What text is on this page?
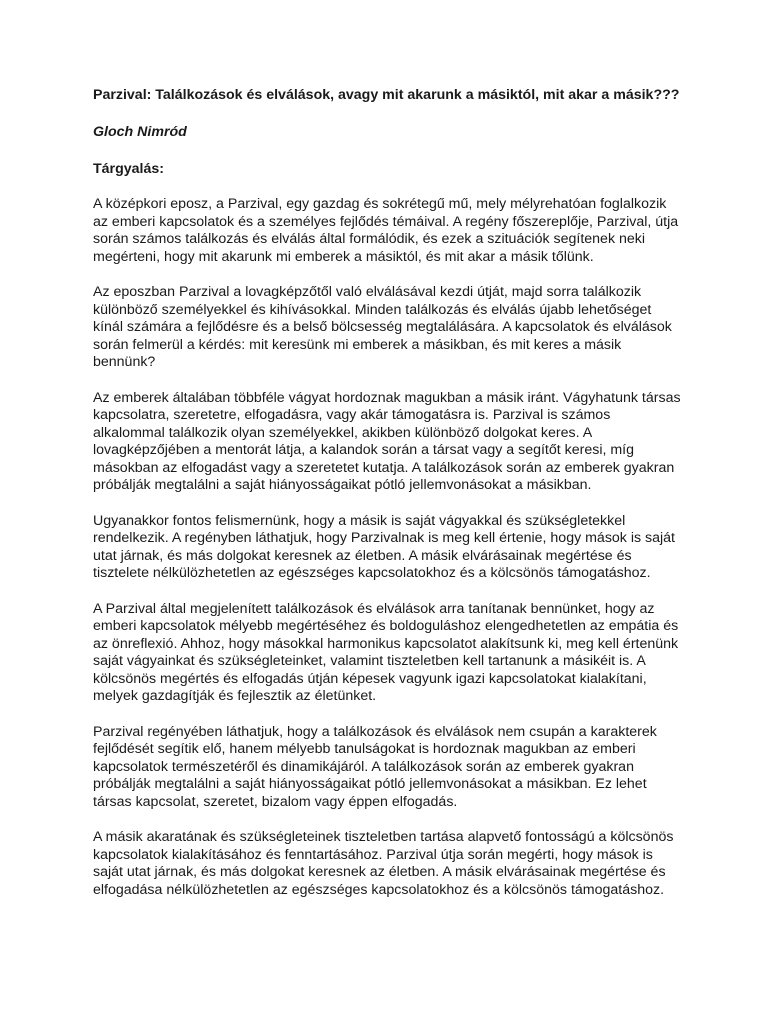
Parzival: Találkozások és elválások, avagy mit akarunk a másiktól, mit akar a másik???

Gloch Nimród

Tárgyalás:

A középkori eposz, a Parzival, egy gazdag és sokrétegű mű, mely mélyrehatóan foglalkozik az emberi kapcsolatok és a személyes fejlődés témáival. A regény főszereplője, Parzival, útja során számos találkozás és elválás által formálódik, és ezek a szituációk segítenek neki megérteni, hogy mit akarunk mi emberek a másiktól, és mit akar a másik tőlünk.

Az eposzban Parzival a lovagképzőtől való elválásával kezdi útját, majd sorra találkozik különböző személyekkel és kihívásokkal. Minden találkozás és elválás újabb lehetőséget kínál számára a fejlődésre és a belső bölcsesség megtalálására. A kapcsolatok és elválások során felmerül a kérdés: mit keresünk mi emberek a másikban, és mit keres a másik bennünk?

Az emberek általában többféle vágyat hordoznak magukban a másik iránt. Vágyhatunk társas kapcsolatra, szeretetre, elfogadásra, vagy akár támogatásra is. Parzival is számos alkalommal találkozik olyan személyekkel, akikben különböző dolgokat keres. A lovagképzőjében a mentorát látja, a kalandok során a társat vagy a segítőt keresi, míg másokban az elfogadást vagy a szeretetet kutatja. A találkozások során az emberek gyakran próbálják megtalálni a saját hiányosságaikat pótló jellemvonásokat a másikban.

Ugyanakkor fontos felismernünk, hogy a másik is saját vágyakkal és szükségletekkel rendelkezik. A regényben láthatjuk, hogy Parzivalnak is meg kell értenie, hogy mások is saját utat járnak, és más dolgokat keresnek az életben. A másik elvárásainak megértése és tisztelete nélkülözhetetlen az egészséges kapcsolatokhoz és a kölcsönös támogatáshoz.

A Parzival által megjelenített találkozások és elválások arra tanítanak bennünket, hogy az emberi kapcsolatok mélyebb megértéséhez és boldoguláshoz elengedhetetlen az empátia és az önreflexió. Ahhoz, hogy másokkal harmonikus kapcsolatot alakítsunk ki, meg kell értenünk saját vágyainkat és szükségleteinket, valamint tiszteletben kell tartanunk a másikéit is. A kölcsönös megértés és elfogadás útján képesek vagyunk igazi kapcsolatokat kialakítani, melyek gazdagítják és fejlesztik az életünket.

Parzival regényében láthatjuk, hogy a találkozások és elválások nem csupán a karakterek fejlődését segítik elő, hanem mélyebb tanulságokat is hordoznak magukban az emberi kapcsolatok természetéről és dinamikájáról. A találkozások során az emberek gyakran próbálják megtalálni a saját hiányosságaikat pótló jellemvonásokat a másikban. Ez lehet társas kapcsolat, szeretet, bizalom vagy éppen elfogadás.

A másik akaratának és szükségleteinek tiszteletben tartása alapvető fontosságú a kölcsönös kapcsolatok kialakításához és fenntartásához. Parzival útja során megérti, hogy mások is saját utat járnak, és más dolgokat keresnek az életben. A másik elvárásainak megértése és elfogadása nélkülözhetetlen az egészséges kapcsolatokhoz és a kölcsönös támogatáshoz.
